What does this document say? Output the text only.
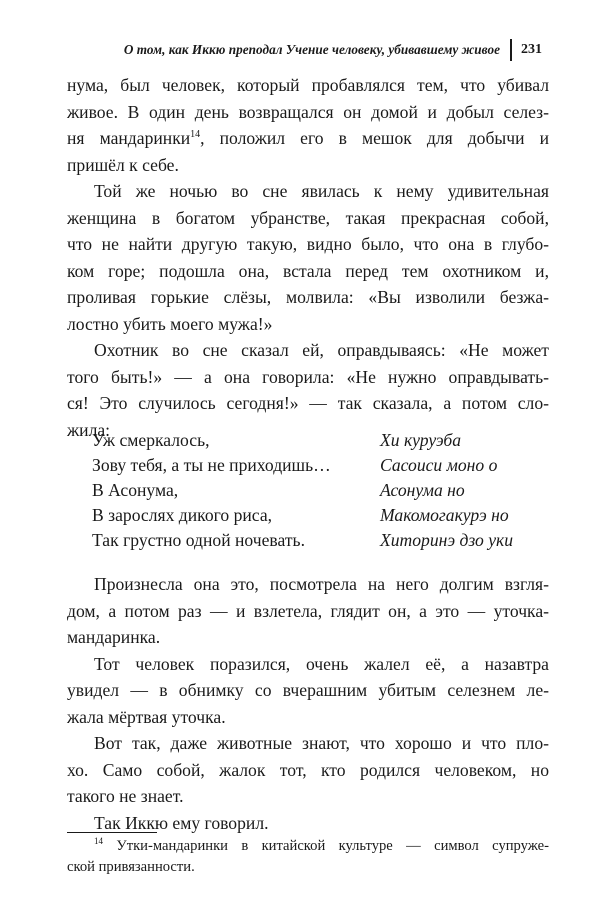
О том, как Иккю преподал Учение человеку, убивавшему живое 231
нума, был человек, который пробавлялся тем, что убивал
живое. В один день возвращался он домой и добыл селез-
ня мандаринки$^{14}$, положил его в мешок для добычи и
пришёл к себе.
Той же ночью во сне явилась к нему удивительная
женщина в богатом убранстве, такая прекрасная собой,
что не найти другую такую, видно было, что она в глубо-
ком горе; подошла она, встала перед тем охотником и,
проливая горькие слёзы, молвила: «Вы изволили безжа-
лостно убить моего мужа!»
Охотник во сне сказал ей, оправдываясь: «Не может
того быть!» — а она говорила: «Не нужно оправдывать-
ся! Это случилось сегодня!» — так сказала, а потом сло-
жила:
Уж смеркалось,	Хи куруэба
Зову тебя, а ты не приходишь…	Сасоиси моно о
В Асонума,	Асонума но
В зарослях дикого риса,	Макомогакурэ но
Так грустно одной ночевать.	Хиторинэ дзо уки
Произнесла она это, посмотрела на него долгим взгля-
дом, а потом раз — и взлетела, глядит он, а это — уточка-
мандаринка.
Тот человек поразился, очень жалел её, а назавтра
увидел — в обнимку со вчерашним убитым селезнем ле-
жала мёртвая уточка.
Вот так, даже животные знают, что хорошо и что пло-
хо. Само собой, жалок тот, кто родился человеком, но
такого не знает.
Так Иккю ему говорил.
$^{14}$ Утки-мандаринки в китайской культуре — символ супруже-
ской привязанности.
